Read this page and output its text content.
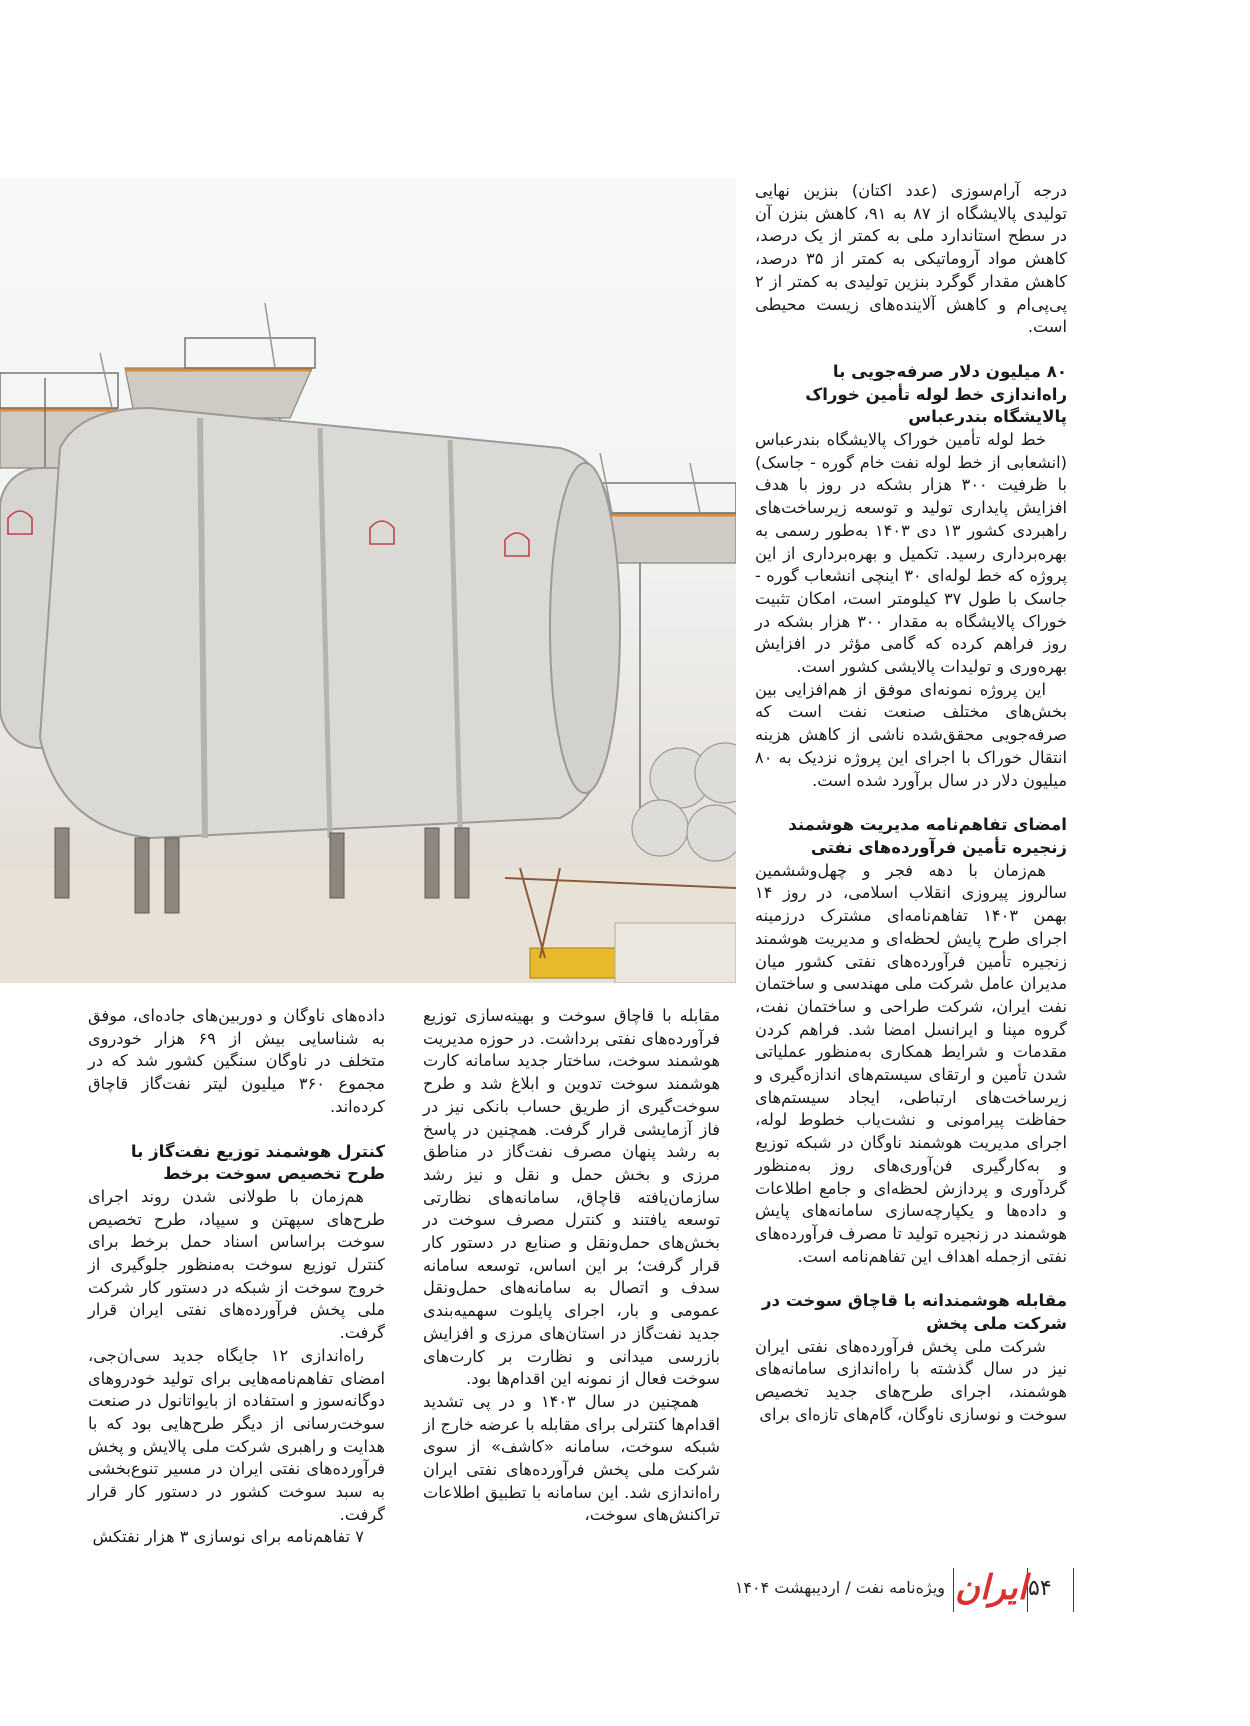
درجه آرام‌سوزی (عدد اکتان) بنزین نهایی تولیدی پالایشگاه از ۸۷ به ۹۱، کاهش بنزن آن در سطح استاندارد ملی به کمتر از یک درصد، کاهش مواد آروماتیکی به کمتر از ۳۵ درصد، کاهش مقدار گوگرد بنزین تولیدی به کمتر از ۲ پی‌پی‌ام و کاهش آلاینده‌های زیست محیطی است.

۸۰ میلیون دلار صرفه‌جویی با راه‌اندازی خط لوله تأمین خوراک پالایشگاه بندرعباس

خط لوله تأمین خوراک پالایشگاه بندرعباس (انشعابی از خط لوله نفت خام گوره - جاسک) با ظرفیت ۳۰۰ هزار بشکه در روز با هدف افزایش پایداری تولید و توسعه زیرساخت‌های راهبردی کشور ۱۳ دی ۱۴۰۳ به‌طور رسمی به بهره‌برداری رسید. تکمیل و بهره‌برداری از این پروژه که خط لوله‌ای ۳۰ اینچی انشعاب گوره - جاسک با طول ۳۷ کیلومتر است، امکان تثبیت خوراک پالایشگاه به مقدار ۳۰۰ هزار بشکه در روز فراهم کرده که گامی مؤثر در افزایش بهره‌وری و تولیدات پالایشی کشور است.

این پروژه نمونه‌ای موفق از هم‌افزایی بین بخش‌های مختلف صنعت نفت است که صرفه‌جویی محقق‌شده ناشی از کاهش هزینه انتقال خوراک با اجرای این پروژه نزدیک به ۸۰ میلیون دلار در سال برآورد شده است.

امضای تفاهم‌نامه مدیریت هوشمند زنجیره تأمین فرآورده‌های نفتی

هم‌زمان با دهه فجر و چهل‌وششمین سالروز پیروزی انقلاب اسلامی، در روز ۱۴ بهمن ۱۴۰۳ تفاهم‌نامه‌ای مشترک درزمینه اجرای طرح پایش لحظه‌ای و مدیریت هوشمند زنجیره تأمین فرآورده‌های نفتی کشور میان مدیران عامل شرکت ملی مهندسی و ساختمان نفت ایران، شرکت طراحی و ساختمان نفت، گروه مپنا و ایرانسل امضا شد. فراهم کردن مقدمات و شرایط همکاری به‌منظور عملیاتی شدن تأمین و ارتقای سیستم‌های اندازه‌گیری و زیرساخت‌های ارتباطی، ایجاد سیستم‌های حفاظت پیرامونی و نشت‌یاب خطوط لوله، اجرای مدیریت هوشمند ناوگان در شبکه توزیع و به‌کارگیری فن‌آوری‌های روز به‌منظور گردآوری و پردازش لحظه‌ای و جامع اطلاعات و داده‌ها و یکپارچه‌سازی سامانه‌های پایش هوشمند در زنجیره تولید تا مصرف فرآورده‌های نفتی ازجمله اهداف این تفاهم‌نامه است.

مقابله هوشمندانه با قاچاق سوخت در شرکت ملی پخش

شرکت ملی پخش فرآورده‌های نفتی ایران نیز در سال گذشته با راه‌اندازی سامانه‌های هوشمند، اجرای طرح‌های جدید تخصیص سوخت و نوسازی ناوگان، گام‌های تازه‌ای برای

مقابله با قاچاق سوخت و بهینه‌سازی توزیع فرآورده‌های نفتی برداشت. در حوزه مدیریت هوشمند سوخت، ساختار جدید سامانه کارت هوشمند سوخت تدوین و ابلاغ شد و طرح سوخت‌گیری از طریق حساب بانکی نیز در فاز آزمایشی قرار گرفت. همچنین در پاسخ به رشد پنهان مصرف نفت‌گاز در مناطق مرزی و بخش حمل و نقل و نیز رشد سازمان‌یافته قاچاق، سامانه‌های نظارتی توسعه یافتند و کنترل مصرف سوخت در بخش‌های حمل‌ونقل و صنایع در دستور کار قرار گرفت؛ بر این اساس، توسعه سامانه سدف و اتصال به سامانه‌های حمل‌ونقل عمومی و بار، اجرای پایلوت سهمیه‌بندی جدید نفت‌گاز در استان‌های مرزی و افزایش بازرسی میدانی و نظارت بر کارت‌های سوخت فعال از نمونه این اقدام‌ها بود.

همچنین در سال ۱۴۰۳ و در پی تشدید اقدام‌ها کنترلی برای مقابله با عرضه خارج از شبکه سوخت، سامانه «کاشف» از سوی شرکت ملی پخش فرآورده‌های نفتی ایران راه‌اندازی شد. این سامانه با تطبیق اطلاعات تراکنش‌های سوخت،

داده‌های ناوگان و دوربین‌های جاده‌ای، موفق به شناسایی بیش از ۶۹ هزار خودروی متخلف در ناوگان سنگین کشور شد که در مجموع ۳۶۰ میلیون لیتر نفت‌گاز قاچاق کرده‌اند.

کنترل هوشمند توزیع نفت‌گاز با طرح تخصیص سوخت برخط

هم‌زمان با طولانی شدن روند اجرای طرح‌های سپهتن و سیپاد، طرح تخصیص سوخت براساس اسناد حمل برخط برای کنترل توزیع سوخت به‌منظور جلوگیری از خروج سوخت از شبکه در دستور کار شرکت ملی پخش فرآورده‌های نفتی ایران قرار گرفت.

راه‌اندازی ۱۲ جایگاه جدید سی‌ان‌جی، امضای تفاهم‌نامه‌هایی برای تولید خودروهای دوگانه‌سوز و استفاده از بایواتانول در صنعت سوخت‌رسانی از دیگر طرح‌هایی بود که با هدایت و راهبری شرکت ملی پالایش و پخش فرآورده‌های نفتی ایران در مسیر تنوع‌بخشی به سبد سوخت کشور در دستور کار قرار گرفت.

۷ تفاهم‌نامه برای نوسازی ۳ هزار نفتکش

۵۴
ایران
ویژه‌نامه نفت / اردیبهشت ۱۴۰۴
